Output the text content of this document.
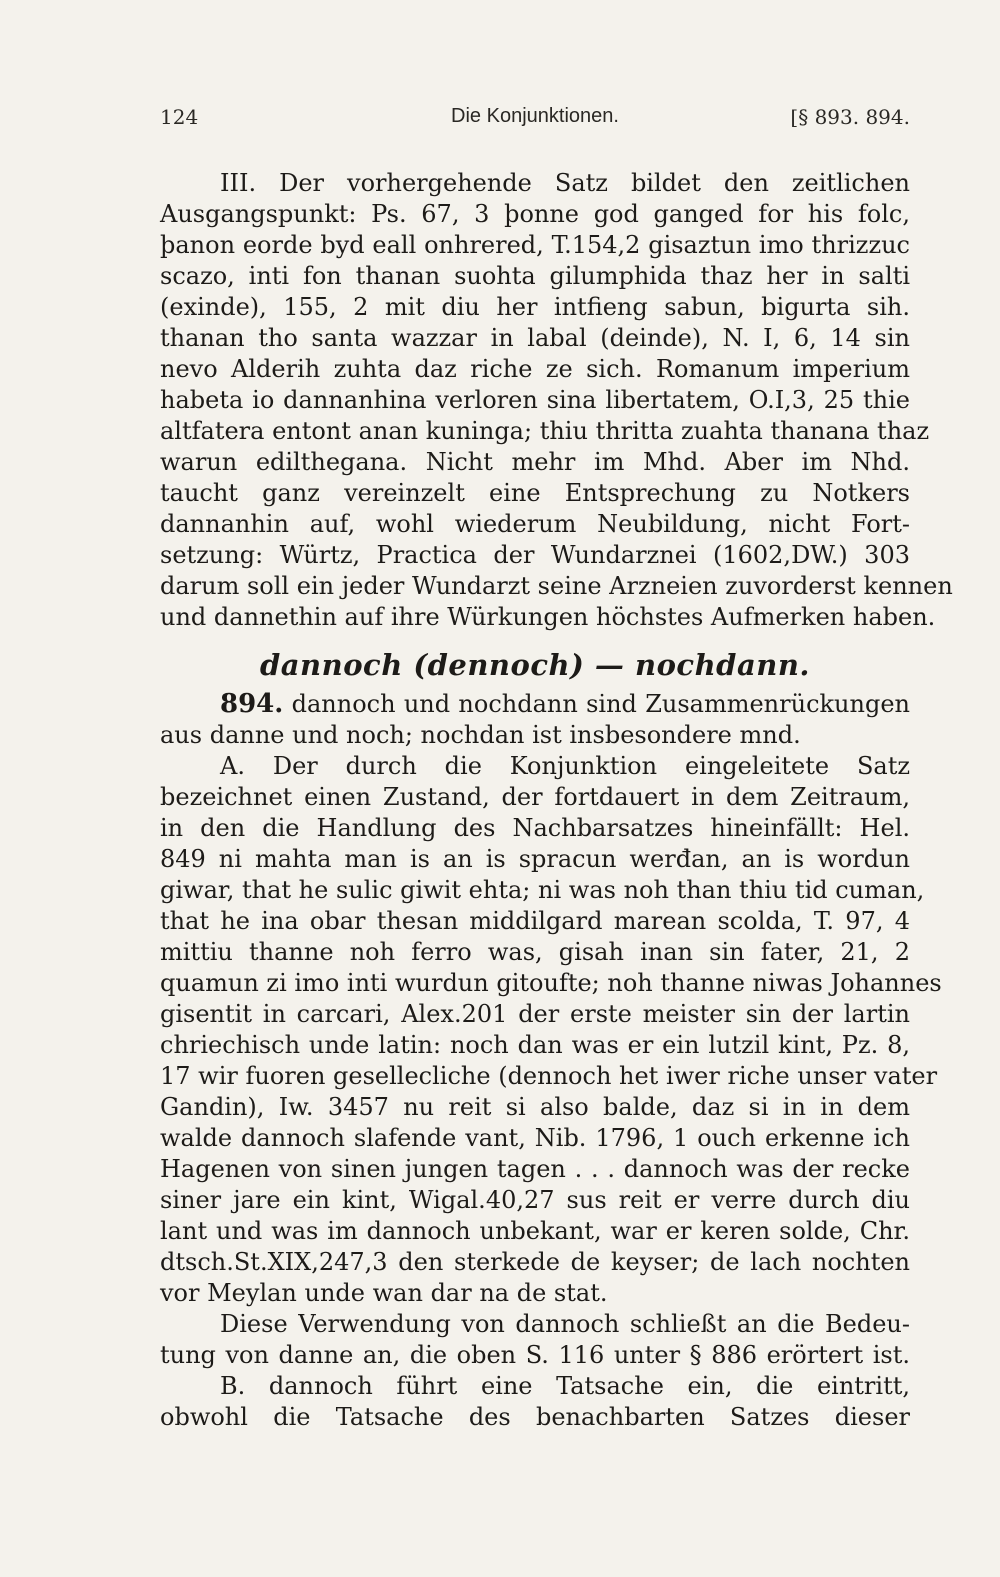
124	Die Konjunktionen.	[§ 893. 894.
III. Der vorhergehende Satz bildet den zeitlichen
Ausgangspunkt: Ps. 67, 3 þonne god ganged for his folc,
þanon eorde byd eall onhrered, T.154,2 gisaztun imo thrizzuc
scazo, inti fon thanan suohta gilumphida thaz her in salti
(exinde), 155, 2 mit diu her intfieng sabun, bigurta sih.
thanan tho santa wazzar in labal (deinde), N. I, 6, 14 sin
nevo Alderih zuhta daz riche ze sich. Romanum imperium
habeta io dannanhina verloren sina libertatem, O.I,3, 25 thie
altfatera entont anan kuninga; thiu thritta zuahta thanana thaz
warun edilthegana. Nicht mehr im Mhd. Aber im Nhd.
taucht ganz vereinzelt eine Entsprechung zu Notkers
dannanhin auf, wohl wiederum Neubildung, nicht Fort-
setzung: Würtz, Practica der Wundarznei (1602,DW.) 303
darum soll ein jeder Wundarzt seine Arzneien zuvorderst kennen
und dannethin auf ihre Würkungen höchstes Aufmerken haben.
dannoch (dennoch) — nochdann.
894. dannoch und nochdann sind Zusammenrückungen
aus danne und noch; nochdan ist insbesondere mnd.
A. Der durch die Konjunktion eingeleitete Satz
bezeichnet einen Zustand, der fortdauert in dem Zeitraum,
in den die Handlung des Nachbarsatzes hineinfällt: Hel.
849 ni mahta man is an is spracun werđan, an is wordun
giwar, that he sulic giwit ehta; ni was noh than thiu tid cuman,
that he ina obar thesan middilgard marean scolda, T. 97, 4
mittiu thanne noh ferro was, gisah inan sin fater, 21, 2
quamun zi imo inti wurdun gitoufte; noh thanne niwas Johannes
gisentit in carcari, Alex.201 der erste meister sin der lartin
chriechisch unde latin: noch dan was er ein lutzil kint, Pz. 8,
17 wir fuoren gesellecliche (dennoch het iwer riche unser vater
Gandin), Iw. 3457 nu reit si also balde, daz si in in dem
walde dannoch slafende vant, Nib. 1796, 1 ouch erkenne ich
Hagenen von sinen jungen tagen . . . dannoch was der recke
siner jare ein kint, Wigal.40,27 sus reit er verre durch diu
lant und was im dannoch unbekant, war er keren solde, Chr.
dtsch.St.XIX,247,3 den sterkede de keyser; de lach nochten
vor Meylan unde wan dar na de stat.
Diese Verwendung von dannoch schließt an die Bedeu-
tung von danne an, die oben S. 116 unter § 886 erörtert ist.
B. dannoch führt eine Tatsache ein, die eintritt,
obwohl die Tatsache des benachbarten Satzes dieser
